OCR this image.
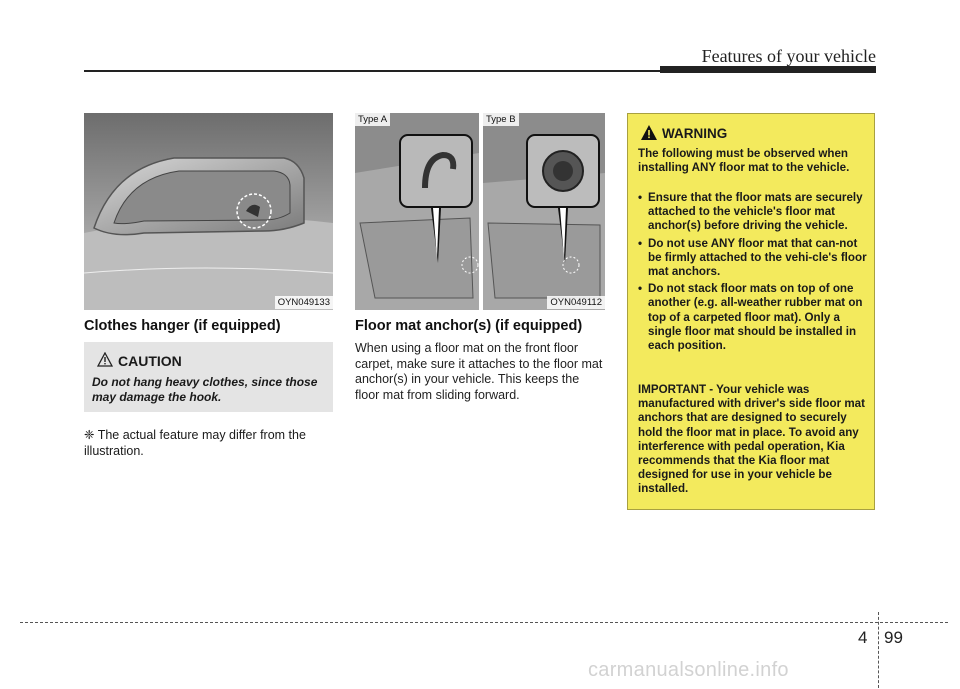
Features of your vehicle
OYN049133
Type A	Type B
OYN049112
Clothes hanger (if equipped)
CAUTION
Do not hang heavy clothes, since those may damage the hook.
❈ The actual feature may differ from the illustration.
Floor mat anchor(s) (if equipped)
When using a floor mat on the front floor carpet, make sure it attaches to the floor mat anchor(s) in your vehicle. This keeps the floor mat from sliding forward.
WARNING
The following must be observed when installing ANY floor mat to the vehicle.
• Ensure that the floor mats are securely attached to the vehicle's floor mat anchor(s) before driving the vehicle.
• Do not use ANY floor mat that can-not be firmly attached to the vehi-cle's floor mat anchors.
• Do not stack floor mats on top of one another (e.g. all-weather rubber mat on top of a carpeted floor mat). Only a single floor mat should be installed in each position.
IMPORTANT - Your vehicle was manufactured with driver's side floor mat anchors that are designed to securely hold the floor mat in place. To avoid any interference with pedal operation, Kia recommends that the Kia floor mat designed for use in your vehicle be installed.
4 99
carmanualsonline.info
